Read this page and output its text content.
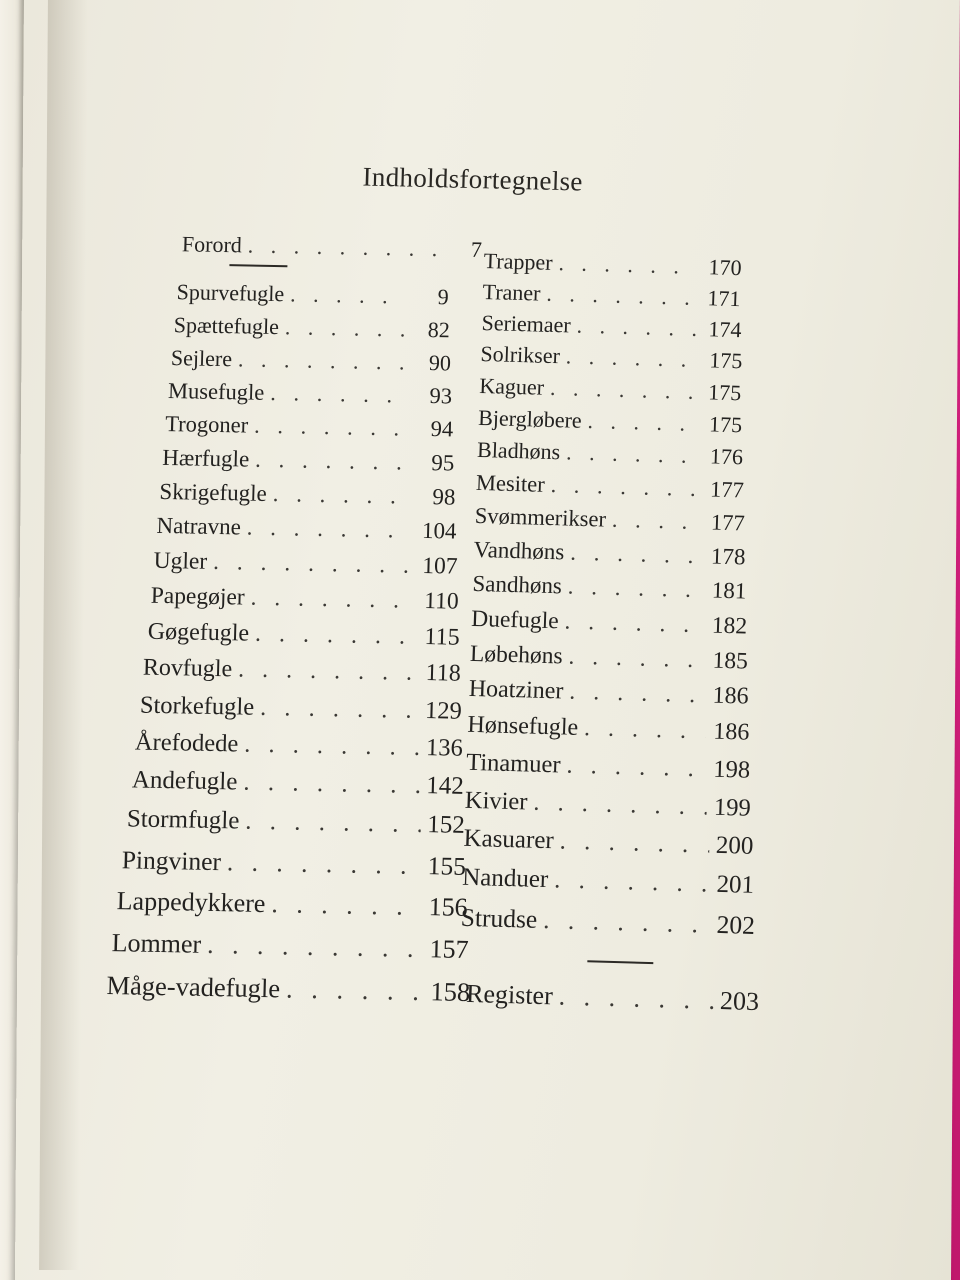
Indholdsfortegnelse
Forord . . .	7
Spurvefugle . . .	9
Spættefugle . . .	82
Sejlere . . .	90
Musefugle . . .	93
Trogoner . . .	94
Hærfugle . . .	95
Skrigefugle . . .	98
Natravne . . .	104
Ugler . . .	107
Papegøjer . . .	110
Gøgefugle . . .	115
Rovfugle . . .	118
Storkefugle . . .	129
Årefodede . . .	136
Andefugle . . .	142
Stormfugle . . .	152
Pingviner . . .	155
Lappedykkere . . .	156
Lommer . . .	157
Måge-vadefugle . . .	158
Trapper . . .	170
Traner . . .	171
Seriemaer . . .	174
Solrikser . . .	175
Kaguer . . .	175
Bjergløbere . . .	175
Bladhøns . . .	176
Mesiter . . .	177
Svømmerikser . . .	177
Vandhøns . . .	178
Sandhøns . . .	181
Duefugle . . .	182
Løbehøns . . .	185
Hoatziner . . .	186
Hønsefugle . . .	186
Tinamuer . . .	198
Kivier . . .	199
Kasuarer . . .	200
Nanduer . . .	201
Strudse . . .	202
Register . . .	203
